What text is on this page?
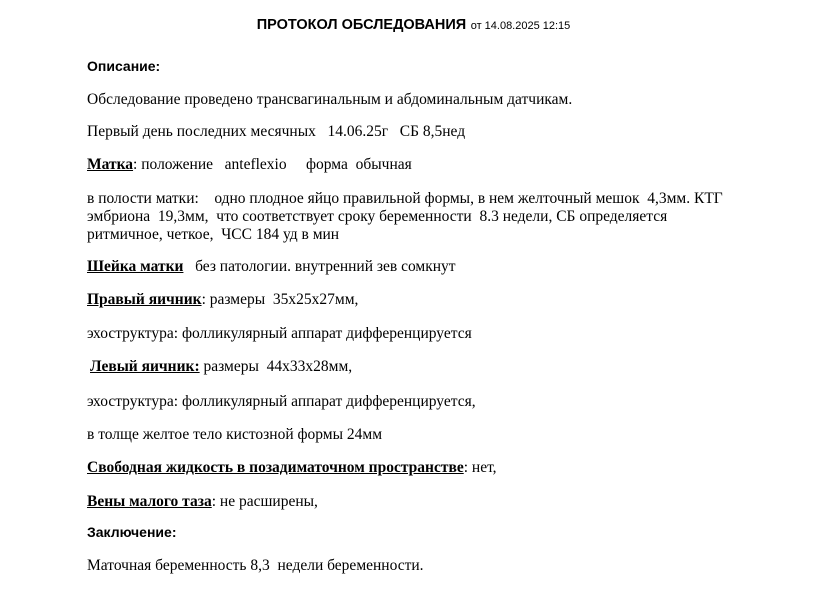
ПРОТОКОЛ ОБСЛЕДОВАНИЯ от 14.08.2025 12:15
Описание:
Обследование проведено трансвагинальным и абдоминальным датчикам.
Первый день последних месячных   14.06.25г   СБ 8,5нед
Матка: положение   anteflexio     форма  обычная
в полости матки:    одно плодное яйцо правильной формы, в нем желточный мешок  4,3мм. КТГ
эмбриона  19,3мм,  что соответствует сроку беременности  8.3 недели, СБ определяется
ритмичное, четкое,  ЧСС 184 уд в мин
Шейка матки   без патологии. внутренний зев сомкнут
Правый яичник: размеры  35х25х27мм,
эхоструктура: фолликулярный аппарат дифференцируется
Левый яичник: размеры  44х33х28мм,
эхоструктура: фолликулярный аппарат дифференцируется,
в толще желтое тело кистозной формы 24мм
Свободная жидкость в позадиматочном пространстве: нет,
Вены малого таза: не расширены,
Заключение:
Маточная беременность 8,3  недели беременности.
